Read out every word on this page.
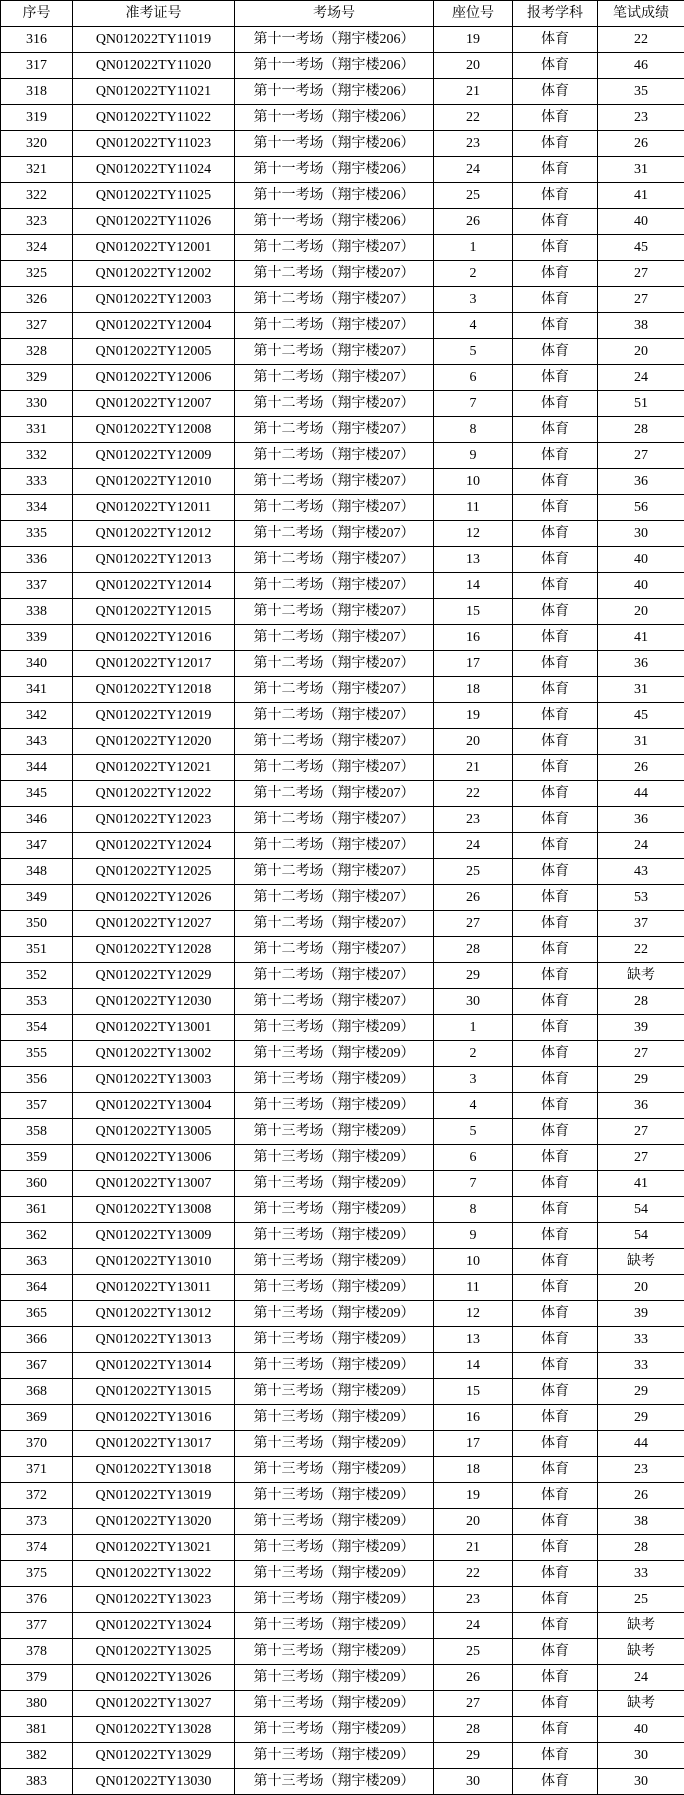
序号	准考证号	考场号	座位号	报考学科	笔试成绩
316	QN012022TY11019	第十一考场（翔宇楼206）	19	体育	22
317	QN012022TY11020	第十一考场（翔宇楼206）	20	体育	46
318	QN012022TY11021	第十一考场（翔宇楼206）	21	体育	35
319	QN012022TY11022	第十一考场（翔宇楼206）	22	体育	23
320	QN012022TY11023	第十一考场（翔宇楼206）	23	体育	26
321	QN012022TY11024	第十一考场（翔宇楼206）	24	体育	31
322	QN012022TY11025	第十一考场（翔宇楼206）	25	体育	41
323	QN012022TY11026	第十一考场（翔宇楼206）	26	体育	40
324	QN012022TY12001	第十二考场（翔宇楼207）	1	体育	45
325	QN012022TY12002	第十二考场（翔宇楼207）	2	体育	27
326	QN012022TY12003	第十二考场（翔宇楼207）	3	体育	27
327	QN012022TY12004	第十二考场（翔宇楼207）	4	体育	38
328	QN012022TY12005	第十二考场（翔宇楼207）	5	体育	20
329	QN012022TY12006	第十二考场（翔宇楼207）	6	体育	24
330	QN012022TY12007	第十二考场（翔宇楼207）	7	体育	51
331	QN012022TY12008	第十二考场（翔宇楼207）	8	体育	28
332	QN012022TY12009	第十二考场（翔宇楼207）	9	体育	27
333	QN012022TY12010	第十二考场（翔宇楼207）	10	体育	36
334	QN012022TY12011	第十二考场（翔宇楼207）	11	体育	56
335	QN012022TY12012	第十二考场（翔宇楼207）	12	体育	30
336	QN012022TY12013	第十二考场（翔宇楼207）	13	体育	40
337	QN012022TY12014	第十二考场（翔宇楼207）	14	体育	40
338	QN012022TY12015	第十二考场（翔宇楼207）	15	体育	20
339	QN012022TY12016	第十二考场（翔宇楼207）	16	体育	41
340	QN012022TY12017	第十二考场（翔宇楼207）	17	体育	36
341	QN012022TY12018	第十二考场（翔宇楼207）	18	体育	31
342	QN012022TY12019	第十二考场（翔宇楼207）	19	体育	45
343	QN012022TY12020	第十二考场（翔宇楼207）	20	体育	31
344	QN012022TY12021	第十二考场（翔宇楼207）	21	体育	26
345	QN012022TY12022	第十二考场（翔宇楼207）	22	体育	44
346	QN012022TY12023	第十二考场（翔宇楼207）	23	体育	36
347	QN012022TY12024	第十二考场（翔宇楼207）	24	体育	24
348	QN012022TY12025	第十二考场（翔宇楼207）	25	体育	43
349	QN012022TY12026	第十二考场（翔宇楼207）	26	体育	53
350	QN012022TY12027	第十二考场（翔宇楼207）	27	体育	37
351	QN012022TY12028	第十二考场（翔宇楼207）	28	体育	22
352	QN012022TY12029	第十二考场（翔宇楼207）	29	体育	缺考
353	QN012022TY12030	第十二考场（翔宇楼207）	30	体育	28
354	QN012022TY13001	第十三考场（翔宇楼209）	1	体育	39
355	QN012022TY13002	第十三考场（翔宇楼209）	2	体育	27
356	QN012022TY13003	第十三考场（翔宇楼209）	3	体育	29
357	QN012022TY13004	第十三考场（翔宇楼209）	4	体育	36
358	QN012022TY13005	第十三考场（翔宇楼209）	5	体育	27
359	QN012022TY13006	第十三考场（翔宇楼209）	6	体育	27
360	QN012022TY13007	第十三考场（翔宇楼209）	7	体育	41
361	QN012022TY13008	第十三考场（翔宇楼209）	8	体育	54
362	QN012022TY13009	第十三考场（翔宇楼209）	9	体育	54
363	QN012022TY13010	第十三考场（翔宇楼209）	10	体育	缺考
364	QN012022TY13011	第十三考场（翔宇楼209）	11	体育	20
365	QN012022TY13012	第十三考场（翔宇楼209）	12	体育	39
366	QN012022TY13013	第十三考场（翔宇楼209）	13	体育	33
367	QN012022TY13014	第十三考场（翔宇楼209）	14	体育	33
368	QN012022TY13015	第十三考场（翔宇楼209）	15	体育	29
369	QN012022TY13016	第十三考场（翔宇楼209）	16	体育	29
370	QN012022TY13017	第十三考场（翔宇楼209）	17	体育	44
371	QN012022TY13018	第十三考场（翔宇楼209）	18	体育	23
372	QN012022TY13019	第十三考场（翔宇楼209）	19	体育	26
373	QN012022TY13020	第十三考场（翔宇楼209）	20	体育	38
374	QN012022TY13021	第十三考场（翔宇楼209）	21	体育	28
375	QN012022TY13022	第十三考场（翔宇楼209）	22	体育	33
376	QN012022TY13023	第十三考场（翔宇楼209）	23	体育	25
377	QN012022TY13024	第十三考场（翔宇楼209）	24	体育	缺考
378	QN012022TY13025	第十三考场（翔宇楼209）	25	体育	缺考
379	QN012022TY13026	第十三考场（翔宇楼209）	26	体育	24
380	QN012022TY13027	第十三考场（翔宇楼209）	27	体育	缺考
381	QN012022TY13028	第十三考场（翔宇楼209）	28	体育	40
382	QN012022TY13029	第十三考场（翔宇楼209）	29	体育	30
383	QN012022TY13030	第十三考场（翔宇楼209）	30	体育	30
